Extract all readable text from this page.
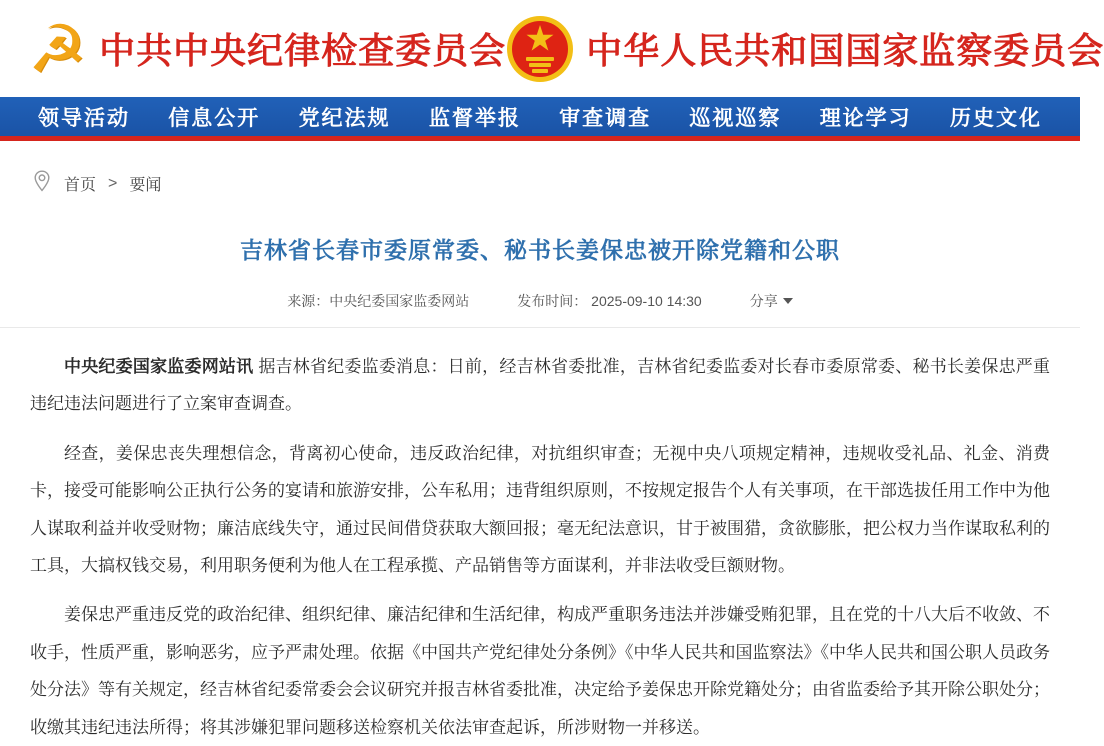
☭ 中共中央纪律检查委员会 中华人民共和国国家监察委员会
领导活动 信息公开 党纪法规 监督举报 审查调查 巡视巡察 理论学习 历史文化
首页 > 要闻
吉林省长春市委原常委、秘书长姜保忠被开除党籍和公职
来源：中央纪委国家监委网站	发布时间： 2025-09-10 14:30	分享

中央纪委国家监委网站讯 据吉林省纪委监委消息：日前，经吉林省委批准，吉林省纪委监委对长春市委原常委、秘书长姜保忠严重违纪违法问题进行了立案审查调查。

经查，姜保忠丧失理想信念，背离初心使命，违反政治纪律，对抗组织审查；无视中央八项规定精神，违规收受礼品、礼金、消费卡，接受可能影响公正执行公务的宴请和旅游安排，公车私用；违背组织原则，不按规定报告个人有关事项，在干部选拔任用工作中为他人谋取利益并收受财物；廉洁底线失守，通过民间借贷获取大额回报；毫无纪法意识，甘于被围猎，贪欲膨胀，把公权力当作谋取私利的工具，大搞权钱交易，利用职务便利为他人在工程承揽、产品销售等方面谋利，并非法收受巨额财物。

姜保忠严重违反党的政治纪律、组织纪律、廉洁纪律和生活纪律，构成严重职务违法并涉嫌受贿犯罪，且在党的十八大后不收敛、不收手，性质严重，影响恶劣，应予严肃处理。依据《中国共产党纪律处分条例》《中华人民共和国监察法》《中华人民共和国公职人员政务处分法》等有关规定，经吉林省纪委常委会会议研究并报吉林省委批准，决定给予姜保忠开除党籍处分；由省监委给予其开除公职处分；收缴其违纪违法所得；将其涉嫌犯罪问题移送检察机关依法审查起诉，所涉财物一并移送。
